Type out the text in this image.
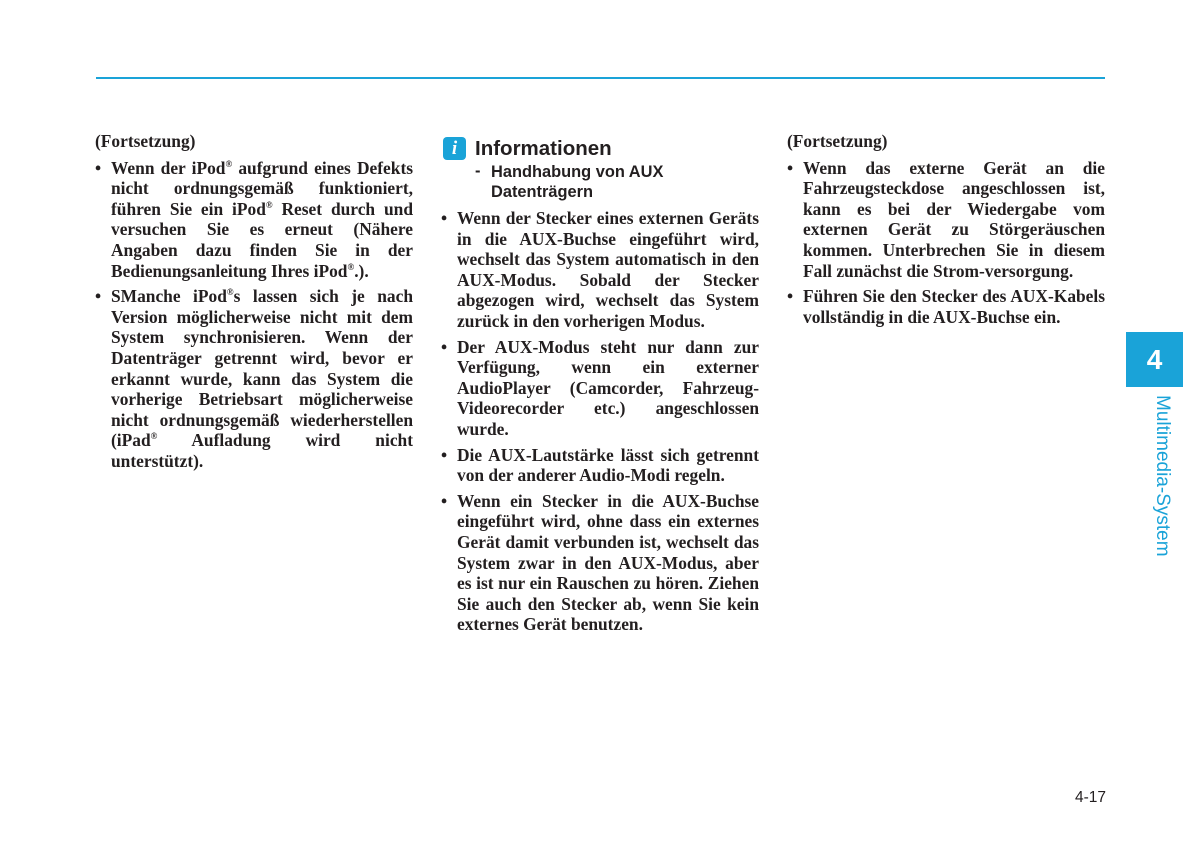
(Fortsetzung)
• Wenn der iPod® aufgrund eines Defekts nicht ordnungsgemäß funktioniert, führen Sie ein iPod® Reset durch und versuchen Sie es erneut (Nähere Angaben dazu finden Sie in der Bedienungsanleitung Ihres iPod®.).
• SManche iPod®s lassen sich je nach Version möglicherweise nicht mit dem System synchronisieren. Wenn der Datenträger getrennt wird, bevor er erkannt wurde, kann das System die vorherige Betriebsart möglicherweise nicht ordnungsgemäß wiederherstellen (iPad® Aufladung wird nicht unterstützt).
i Informationen
- Handhabung von AUX Datenträgern
• Wenn der Stecker eines externen Geräts in die AUX-Buchse eingeführt wird, wechselt das System automatisch in den AUX-Modus. Sobald der Stecker abgezogen wird, wechselt das System zurück in den vorherigen Modus.
• Der AUX-Modus steht nur dann zur Verfügung, wenn ein externer AudioPlayer (Camcorder, Fahrzeug-Videorecorder etc.) angeschlossen wurde.
• Die AUX-Lautstärke lässt sich getrennt von der anderer Audio-Modi regeln.
• Wenn ein Stecker in die AUX-Buchse eingeführt wird, ohne dass ein externes Gerät damit verbunden ist, wechselt das System zwar in den AUX-Modus, aber es ist nur ein Rauschen zu hören. Ziehen Sie auch den Stecker ab, wenn Sie kein externes Gerät benutzen.
(Fortsetzung)
• Wenn das externe Gerät an die Fahrzeugsteckdose angeschlossen ist, kann es bei der Wiedergabe vom externen Gerät zu Störgeräuschen kommen. Unterbrechen Sie in diesem Fall zunächst die Strom-versorgung.
• Führen Sie den Stecker des AUX-Kabels vollständig in die AUX-Buchse ein.
4
Multimedia-System
4-17
